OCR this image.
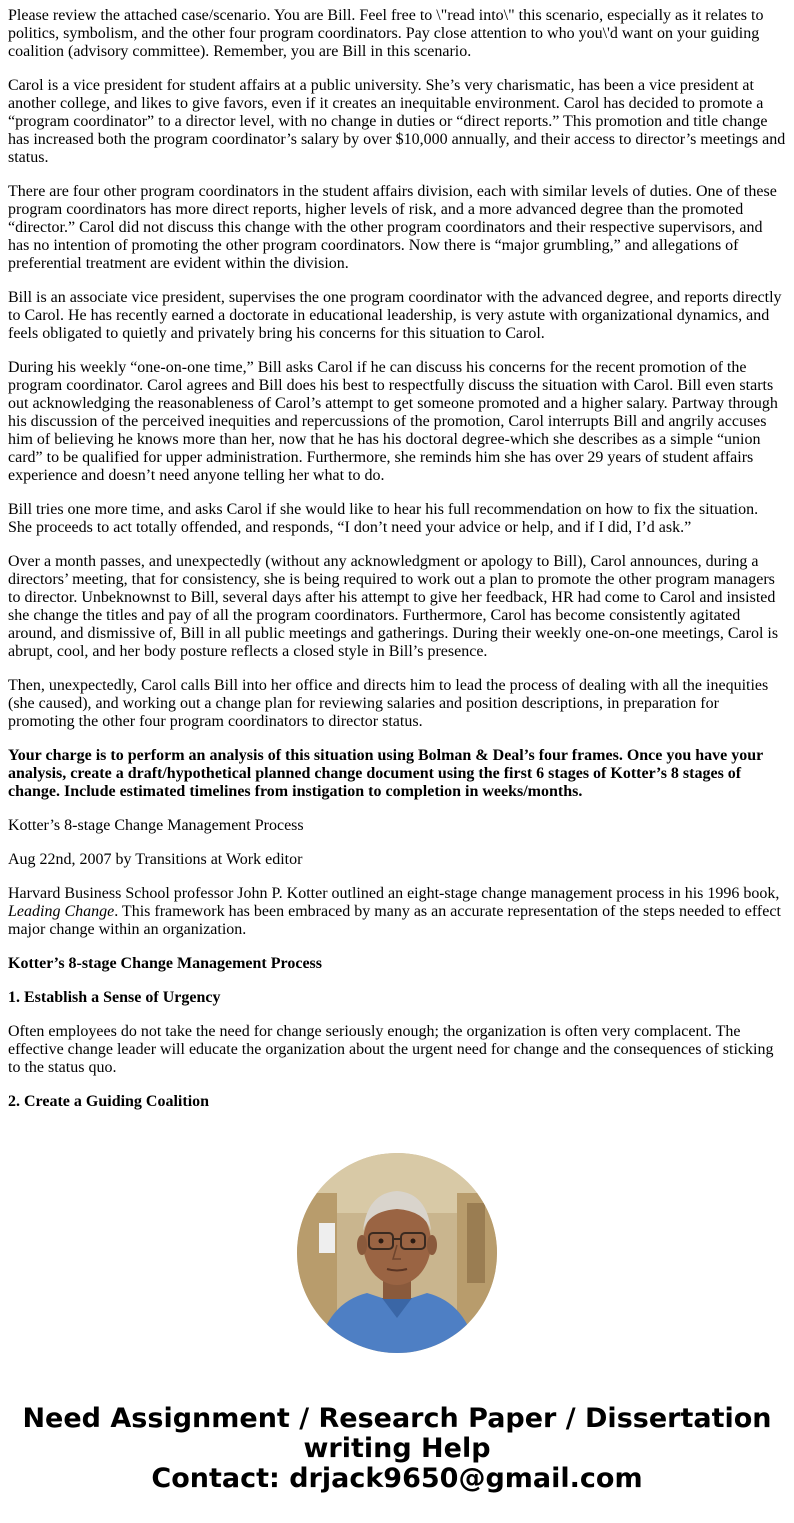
Please review the attached case/scenario. You are Bill. Feel free to \"read into\" this scenario, especially as it relates to politics, symbolism, and the other four program coordinators. Pay close attention to who you\'d want on your guiding coalition (advisory committee). Remember, you are Bill in this scenario.

Carol is a vice president for student affairs at a public university. She’s very charismatic, has been a vice president at another college, and likes to give favors, even if it creates an inequitable environment. Carol has decided to promote a “program coordinator” to a director level, with no change in duties or “direct reports.” This promotion and title change has increased both the program coordinator’s salary by over $10,000 annually, and their access to director’s meetings and status.

There are four other program coordinators in the student affairs division, each with similar levels of duties. One of these program coordinators has more direct reports, higher levels of risk, and a more advanced degree than the promoted “director.” Carol did not discuss this change with the other program coordinators and their respective supervisors, and has no intention of promoting the other program coordinators. Now there is “major grumbling,” and allegations of preferential treatment are evident within the division.

Bill is an associate vice president, supervises the one program coordinator with the advanced degree, and reports directly to Carol. He has recently earned a doctorate in educational leadership, is very astute with organizational dynamics, and feels obligated to quietly and privately bring his concerns for this situation to Carol.

During his weekly “one-on-one time,” Bill asks Carol if he can discuss his concerns for the recent promotion of the program coordinator. Carol agrees and Bill does his best to respectfully discuss the situation with Carol. Bill even starts out acknowledging the reasonableness of Carol’s attempt to get someone promoted and a higher salary. Partway through his discussion of the perceived inequities and repercussions of the promotion, Carol interrupts Bill and angrily accuses him of believing he knows more than her, now that he has his doctoral degree-which she describes as a simple “union card” to be qualified for upper administration. Furthermore, she reminds him she has over 29 years of student affairs experience and doesn’t need anyone telling her what to do.

Bill tries one more time, and asks Carol if she would like to hear his full recommendation on how to fix the situation. She proceeds to act totally offended, and responds, “I don’t need your advice or help, and if I did, I’d ask.”

Over a month passes, and unexpectedly (without any acknowledgment or apology to Bill), Carol announces, during a directors’ meeting, that for consistency, she is being required to work out a plan to promote the other program managers to director. Unbeknownst to Bill, several days after his attempt to give her feedback, HR had come to Carol and insisted she change the titles and pay of all the program coordinators. Furthermore, Carol has become consistently agitated around, and dismissive of, Bill in all public meetings and gatherings. During their weekly one-on-one meetings, Carol is abrupt, cool, and her body posture reflects a closed style in Bill’s presence.

Then, unexpectedly, Carol calls Bill into her office and directs him to lead the process of dealing with all the inequities (she caused), and working out a change plan for reviewing salaries and position descriptions, in preparation for promoting the other four program coordinators to director status.

Your charge is to perform an analysis of this situation using Bolman & Deal’s four frames. Once you have your analysis, create a draft/hypothetical planned change document using the first 6 stages of Kotter’s 8 stages of change. Include estimated timelines from instigation to completion in weeks/months.

Kotter’s 8-stage Change Management Process

Aug 22nd, 2007 by Transitions at Work editor

Harvard Business School professor John P. Kotter outlined an eight-stage change management process in his 1996 book, Leading Change. This framework has been embraced by many as an accurate representation of the steps needed to effect major change within an organization.

Kotter’s 8-stage Change Management Process

1. Establish a Sense of Urgency

Often employees do not take the need for change seriously enough; the organization is often very complacent. The effective change leader will educate the organization about the urgent need for change and the consequences of sticking to the status quo.

2. Create a Guiding Coalition

Need Assignment / Research Paper / Dissertation
writing Help
Contact: drjack9650@gmail.com
